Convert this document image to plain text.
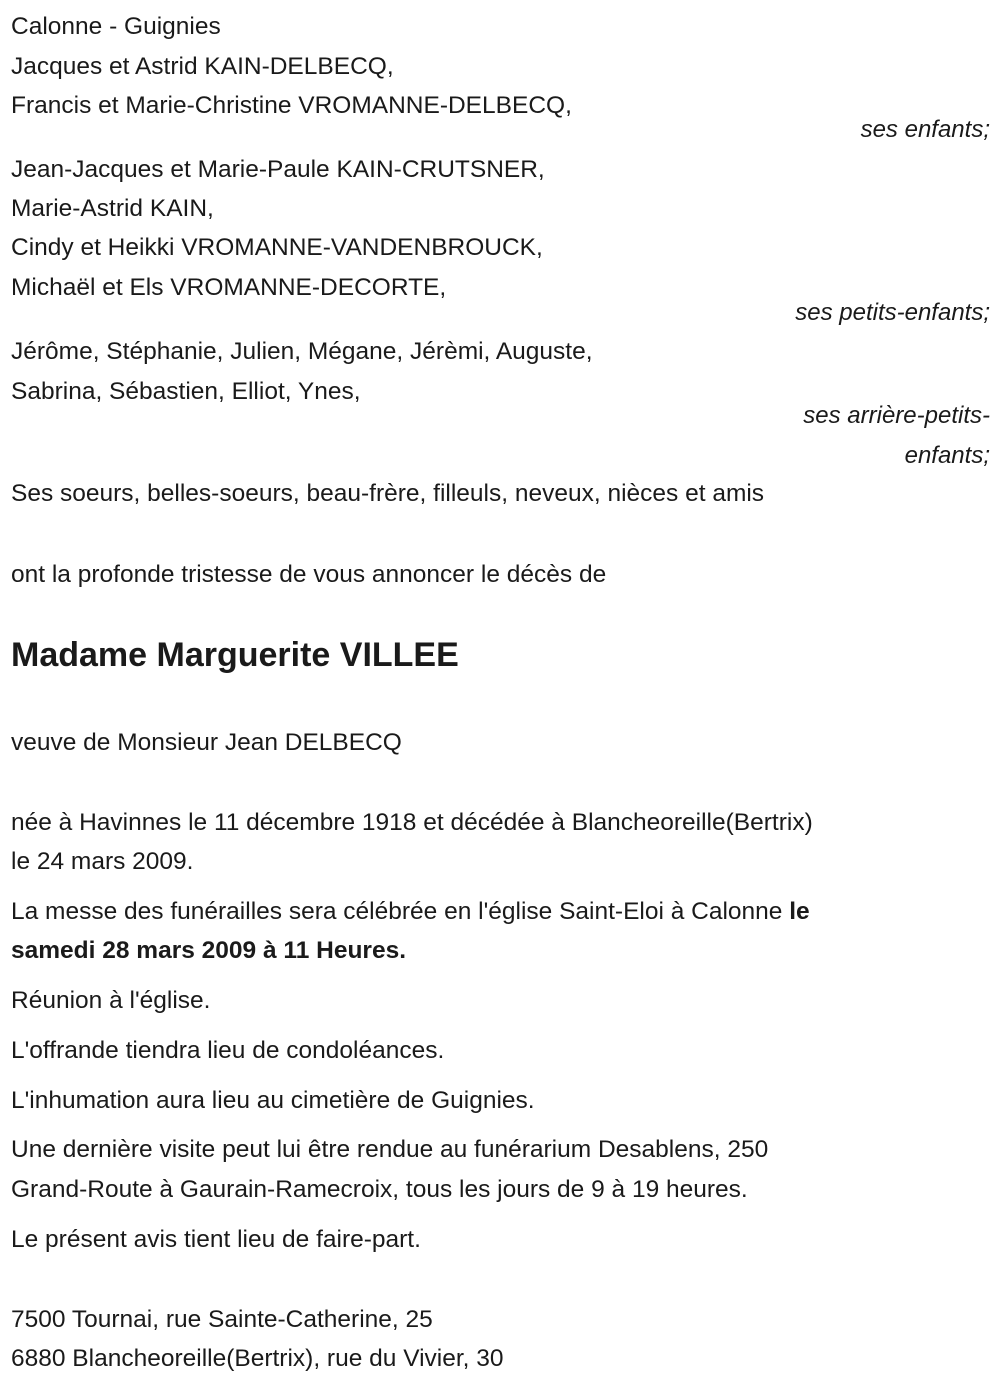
Calonne - Guignies
Jacques et Astrid KAIN-DELBECQ,
Francis et Marie-Christine VROMANNE-DELBECQ,
ses enfants;
Jean-Jacques et Marie-Paule KAIN-CRUTSNER,
Marie-Astrid KAIN,
Cindy et Heikki VROMANNE-VANDENBROUCK,
Michaël et Els VROMANNE-DECORTE,
ses petits-enfants;
Jérôme, Stéphanie, Julien, Mégane, Jérèmi, Auguste,
Sabrina, Sébastien, Elliot, Ynes,
ses arrière-petits-
enfants;
Ses soeurs, belles-soeurs, beau-frère, filleuls, neveux, nièces et amis
ont la profonde tristesse de vous annoncer le décès de
Madame Marguerite VILLEE
veuve de Monsieur Jean DELBECQ
née à Havinnes le 11 décembre 1918 et décédée à Blancheoreille(Bertrix)
le 24 mars 2009.
La messe des funérailles sera célébrée en l'église Saint-Eloi à Calonne le
samedi 28 mars 2009 à 11 Heures.
Réunion à l'église.
L'offrande tiendra lieu de condoléances.
L'inhumation aura lieu au cimetière de Guignies.
Une dernière visite peut lui être rendue au funérarium Desablens, 250
Grand-Route à Gaurain-Ramecroix, tous les jours de 9 à 19 heures.
Le présent avis tient lieu de faire-part.
7500 Tournai, rue Sainte-Catherine, 25
6880 Blancheoreille(Bertrix), rue du Vivier, 30
